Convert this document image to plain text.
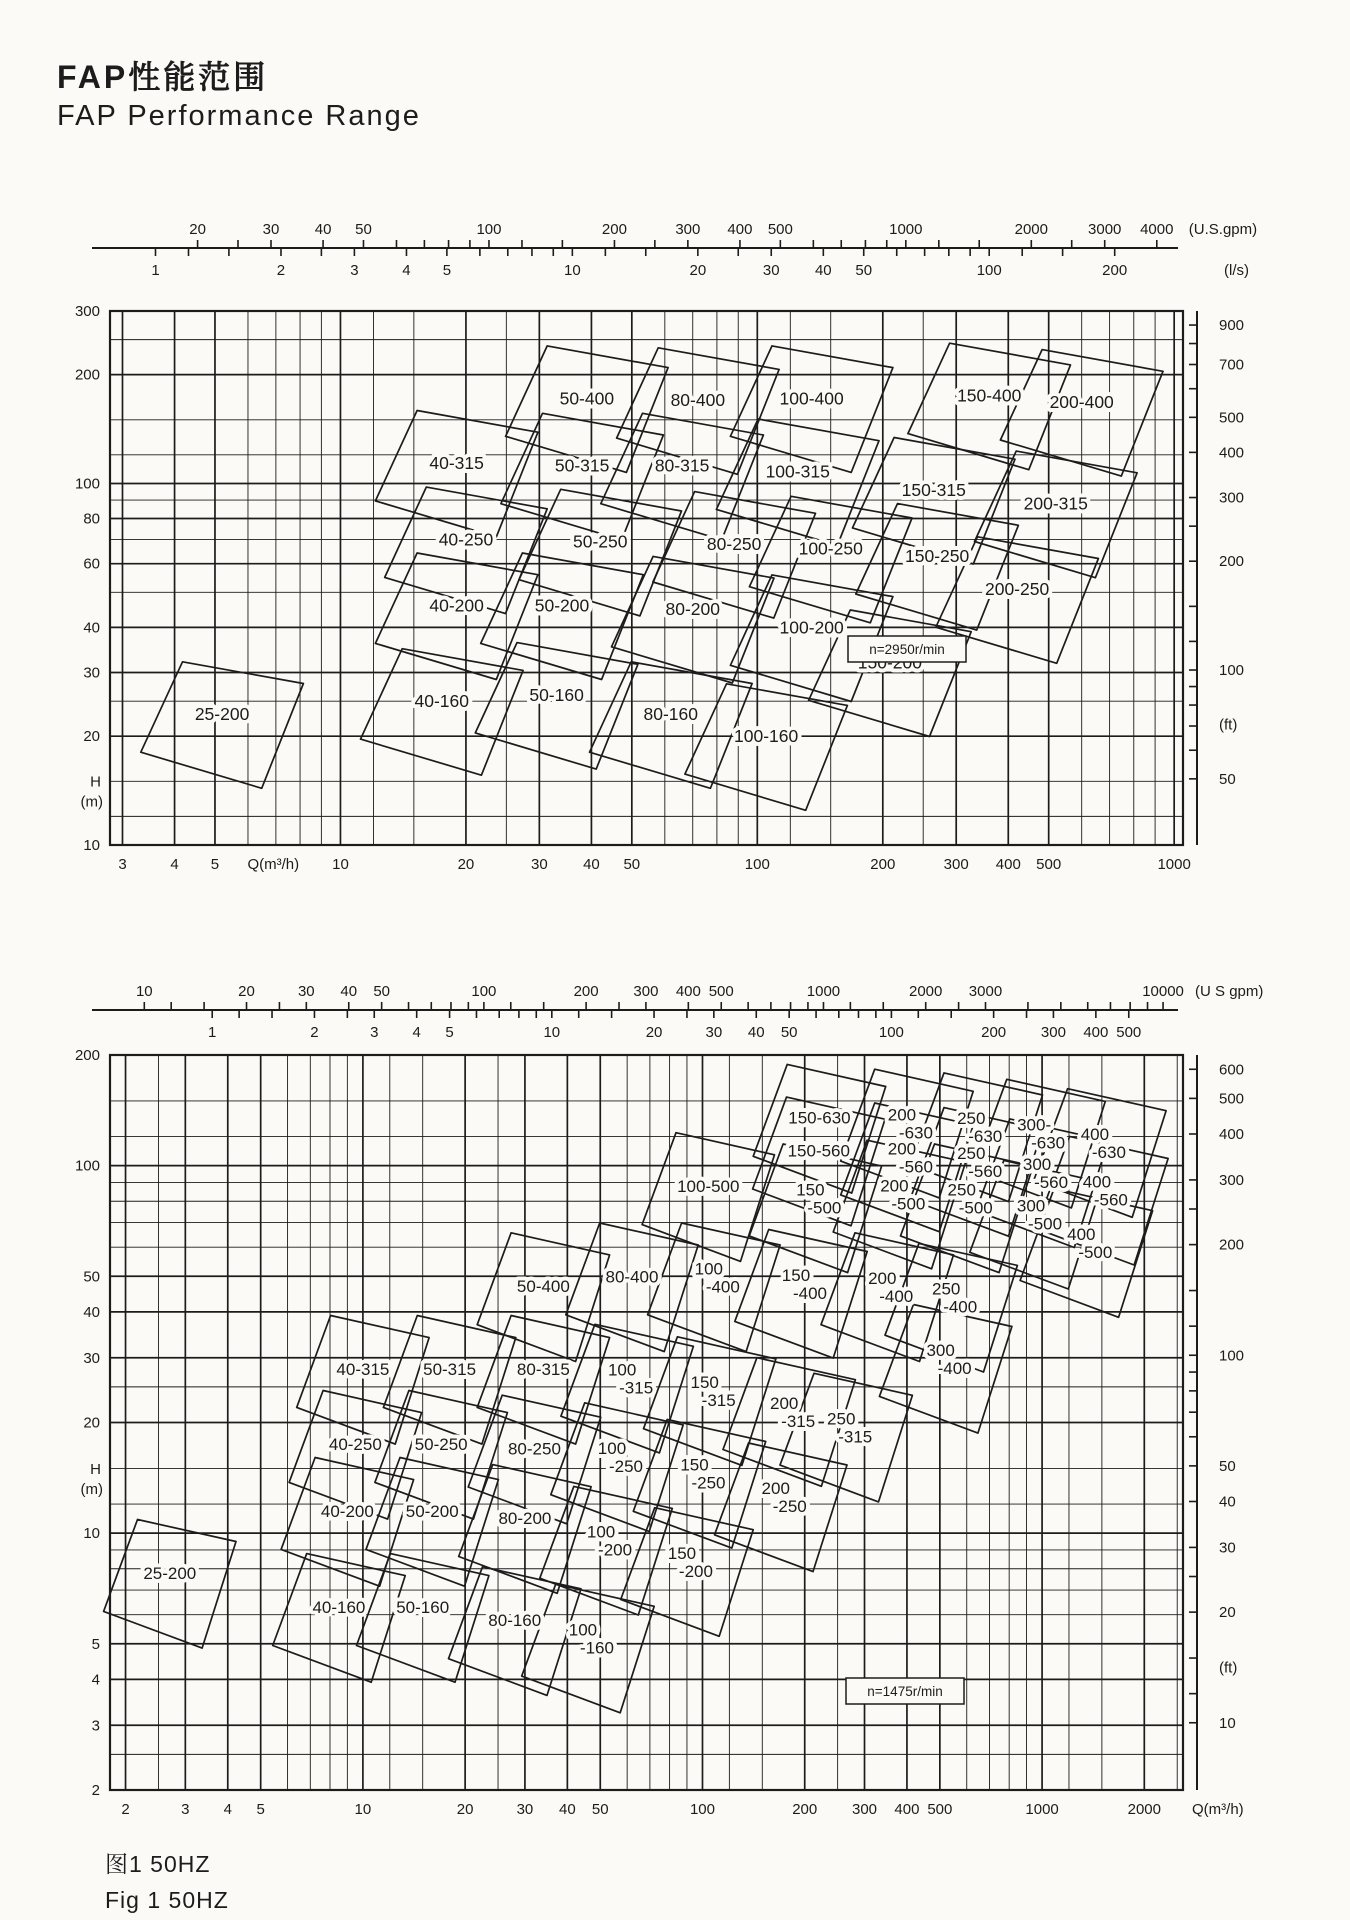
FAP性能范围
FAP Performance Range
25-200
40-160	50-160
80-160
100-160
40-200	50-200	80-200
100-200
40-250	50-250	80-250 100-250 150-250
200-250
40-315	50-315	80-315	100-315
150-315
200-315
50-400	80-400	100-400	150-400 200-400
20	30 40 50	100	200	300 400 500	1000	2000	3000 4000
1	2	3	4 5	10	20	30 40 50	100	200
(U.S.gpm)
(l/s)
300
200
100
80
60
40
30
20
10
H
(m)
50
100
200
300
400
500
700
900
(ft)
3	4 5	10	20	30 40 50	100	200	300 400 500	1000
Q(m³/h)
n=2950r/min
25-200
40-160 50-160
80-160 100 -160
40-200 50-200 80-200
100 -200 150 -200
40-250 50-250 80-250 100 -250 150 -250 200 -250
40-315 50-315 80-315 100 -315 150 -315 200 -315 250 -315
50-400
80-400 100 -400
150 -400
200 -400 250 -400
300 -400
100-500	150 -500
200 -500
250 -500 300 -500
400 -500
150-560 200 -560
250 -560 300 -560 400 -560
150-630 200 -630
250 -630
300--630 400 -630
10	20	30 40 50	100	200 300 400 500	1000	2000 3000	10000
1	2	3 4 5	10	20	30 40 50	100	200 300 400 500
(U S gpm)
200
100
50
40
30
20
10
5
4
3
2
H
(m)
10
20
30
40
50
100
200
300
400
500
600
(ft)
2	3 4 5	10	20	30 40 50	100	200 300 400 500	1000	2000 Q(m³/h)
n=1475r/min
图1 50HZ
Fig 1 50HZ
